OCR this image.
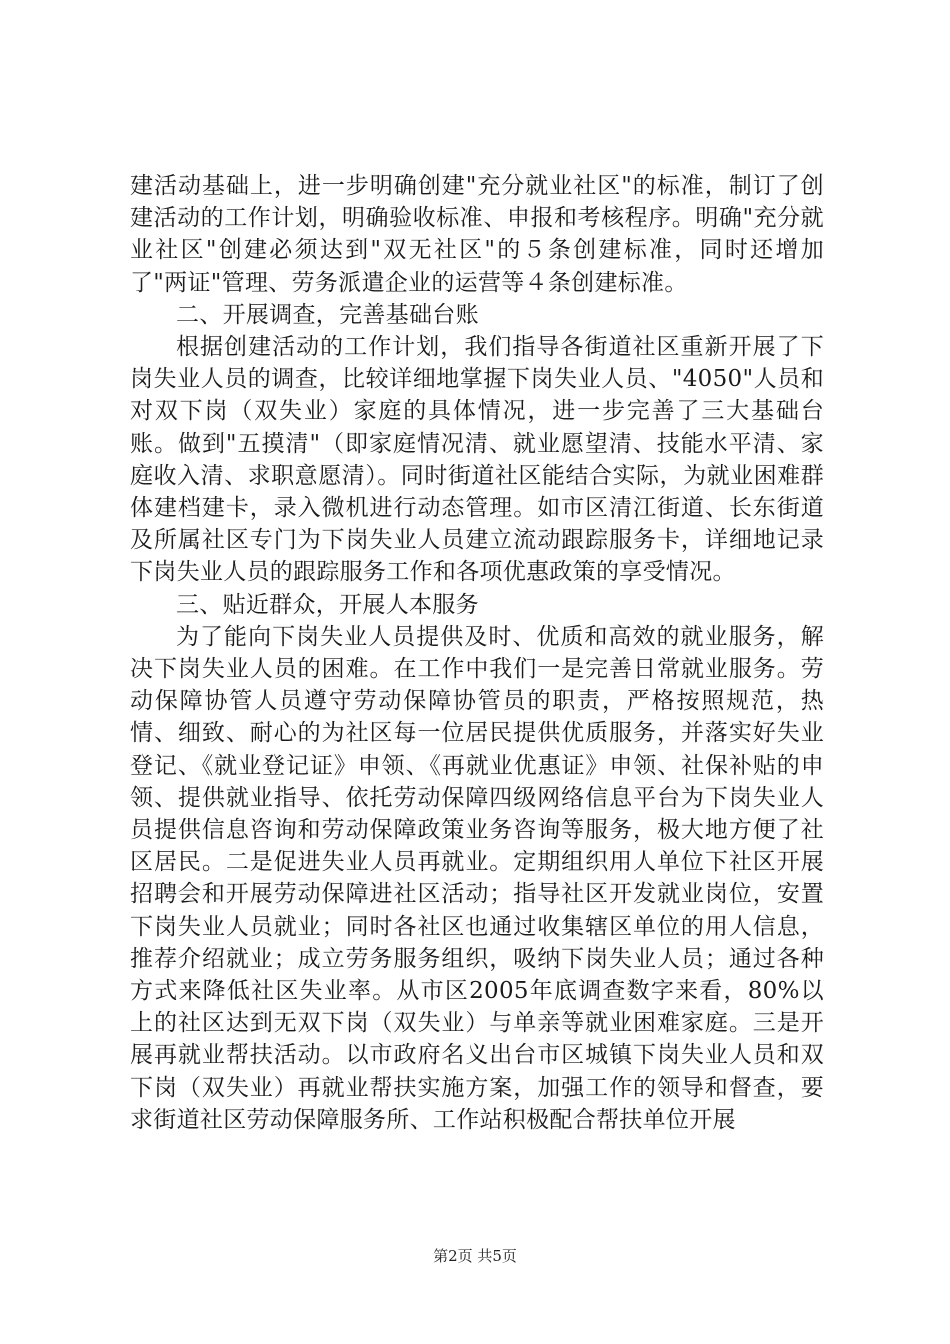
建活动基础上，进一步明确创建"充分就业社区"的标准，制订了创建活动的工作计划，明确验收标准、申报和考核程序。明确"充分就业社区"创建必须达到"双无社区"的５条创建标准，同时还增加了"两证"管理、劳务派遣企业的运营等４条创建标准。

二、开展调查，完善基础台账

根据创建活动的工作计划，我们指导各街道社区重新开展了下岗失业人员的调查，比较详细地掌握下岗失业人员、"4050"人员和对双下岗（双失业）家庭的具体情况，进一步完善了三大基础台账。做到"五摸清"（即家庭情况清、就业愿望清、技能水平清、家庭收入清、求职意愿清）。同时街道社区能结合实际，为就业困难群体建档建卡，录入微机进行动态管理。如市区清江街道、长东街道及所属社区专门为下岗失业人员建立流动跟踪服务卡，详细地记录下岗失业人员的跟踪服务工作和各项优惠政策的享受情况。

三、贴近群众，开展人本服务

为了能向下岗失业人员提供及时、优质和高效的就业服务，解决下岗失业人员的困难。在工作中我们一是完善日常就业服务。劳动保障协管人员遵守劳动保障协管员的职责，严格按照规范，热情、细致、耐心的为社区每一位居民提供优质服务，并落实好失业登记、《就业登记证》申领、《再就业优惠证》申领、社保补贴的申领、提供就业指导、依托劳动保障四级网络信息平台为下岗失业人员提供信息咨询和劳动保障政策业务咨询等服务，极大地方便了社区居民。二是促进失业人员再就业。定期组织用人单位下社区开展招聘会和开展劳动保障进社区活动；指导社区开发就业岗位，安置下岗失业人员就业；同时各社区也通过收集辖区单位的用人信息，推荐介绍就业；成立劳务服务组织，吸纳下岗失业人员；通过各种方式来降低社区失业率。从市区2005年底调查数字来看，80%以上的社区达到无双下岗（双失业）与单亲等就业困难家庭。三是开展再就业帮扶活动。以市政府名义出台市区城镇下岗失业人员和双下岗（双失业）再就业帮扶实施方案，加强工作的领导和督查，要求街道社区劳动保障服务所、工作站积极配合帮扶单位开展

第2页 共5页
